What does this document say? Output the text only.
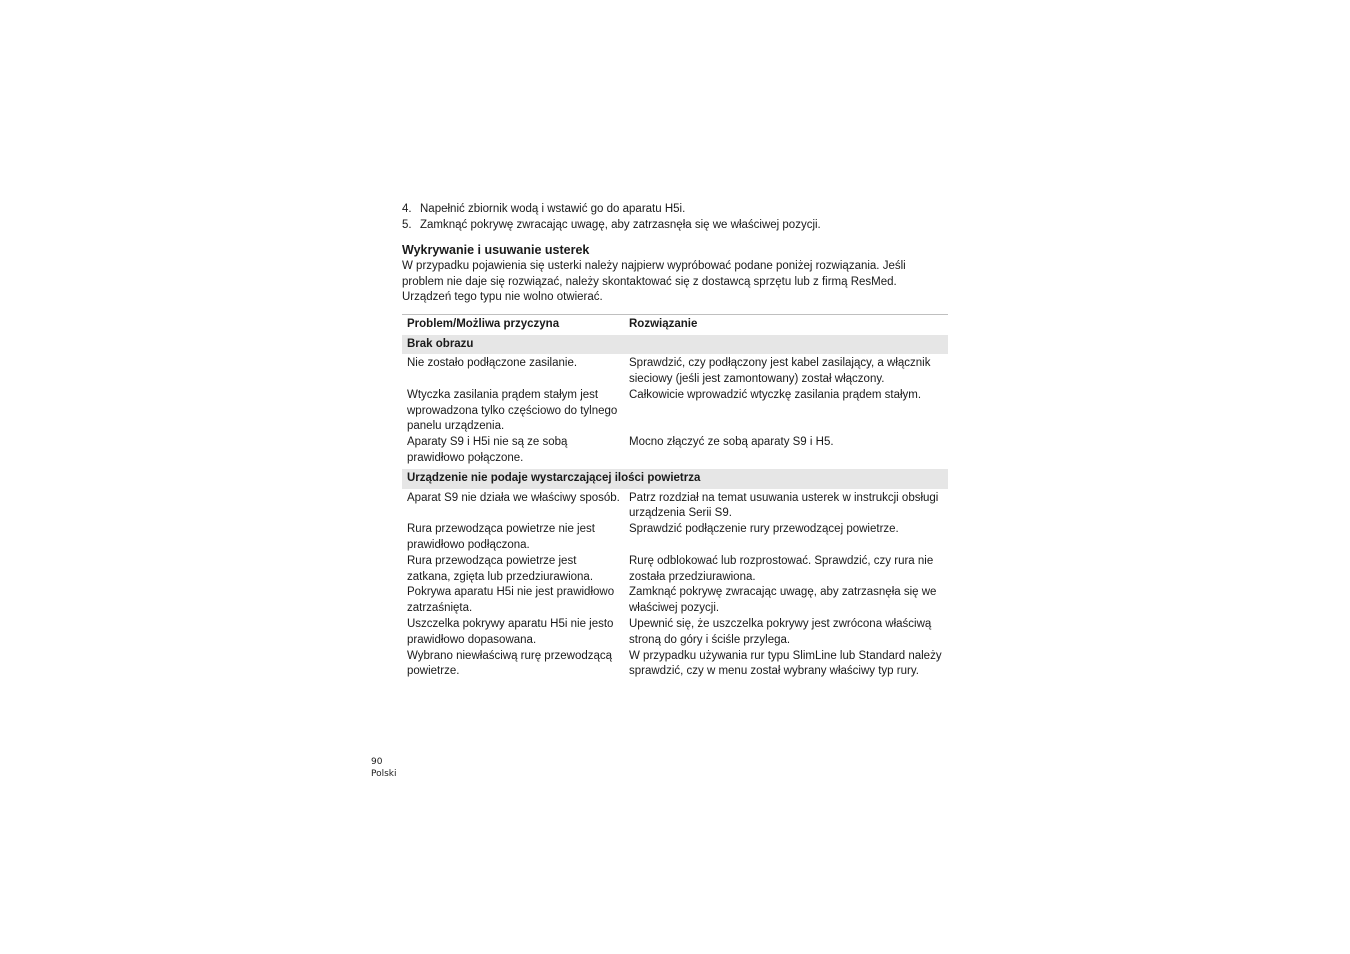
4. Napełnić zbiornik wodą i wstawić go do aparatu H5i.
5. Zamknąć pokrywę zwracając uwagę, aby zatrzasnęła się we właściwej pozycji.
Wykrywanie i usuwanie usterek

W przypadku pojawienia się usterki należy najpierw wypróbować podane poniżej rozwiązania. Jeśli problem nie daje się rozwiązać, należy skontaktować się z dostawcą sprzętu lub z firmą ResMed. Urządzeń tego typu nie wolno otwierać.

Problem/Możliwa przyczyna	Rozwiązanie
Brak obrazu	

Nie zostało podłączone zasilanie.	Sprawdzić, czy podłączony jest kabel zasilający, a włącznik sieciowy (jeśli jest zamontowany) został włączony.
Wtyczka zasilania prądem stałym jest wprowadzona tylko częściowo do tylnego panelu urządzenia.	Całkowicie wprowadzić wtyczkę zasilania prądem stałym.
Aparaty S9 i H5i nie są ze sobą prawidłowo połączone.	Mocno złączyć ze sobą aparaty S9 i H5.

Urządzenie nie podaje wystarczającej ilości powietrza	

Aparat S9 nie działa we właściwy sposób.	Patrz rozdział na temat usuwania usterek w instrukcji obsługi urządzenia Serii S9.
Rura przewodząca powietrze nie jest prawidłowo podłączona.	Sprawdzić podłączenie rury przewodzącej powietrze.
Rura przewodząca powietrze jest zatkana, zgięta lub przedziurawiona.	Rurę odblokować lub rozprostować. Sprawdzić, czy rura nie została przedziurawiona.
Pokrywa aparatu H5i nie jest prawidłowo zatrzaśnięta.	Zamknąć pokrywę zwracając uwagę, aby zatrzasnęła się we właściwej pozycji.
Uszczelka pokrywy aparatu H5i nie jesto prawidłowo dopasowana.	Upewnić się, że uszczelka pokrywy jest zwrócona właściwą stroną do góry i ściśle przylega.
Wybrano niewłaściwą rurę przewodzącą powietrze.	W przypadku używania rur typu SlimLine lub Standard należy sprawdzić, czy w menu został wybrany właściwy typ rury.
90
Polski
